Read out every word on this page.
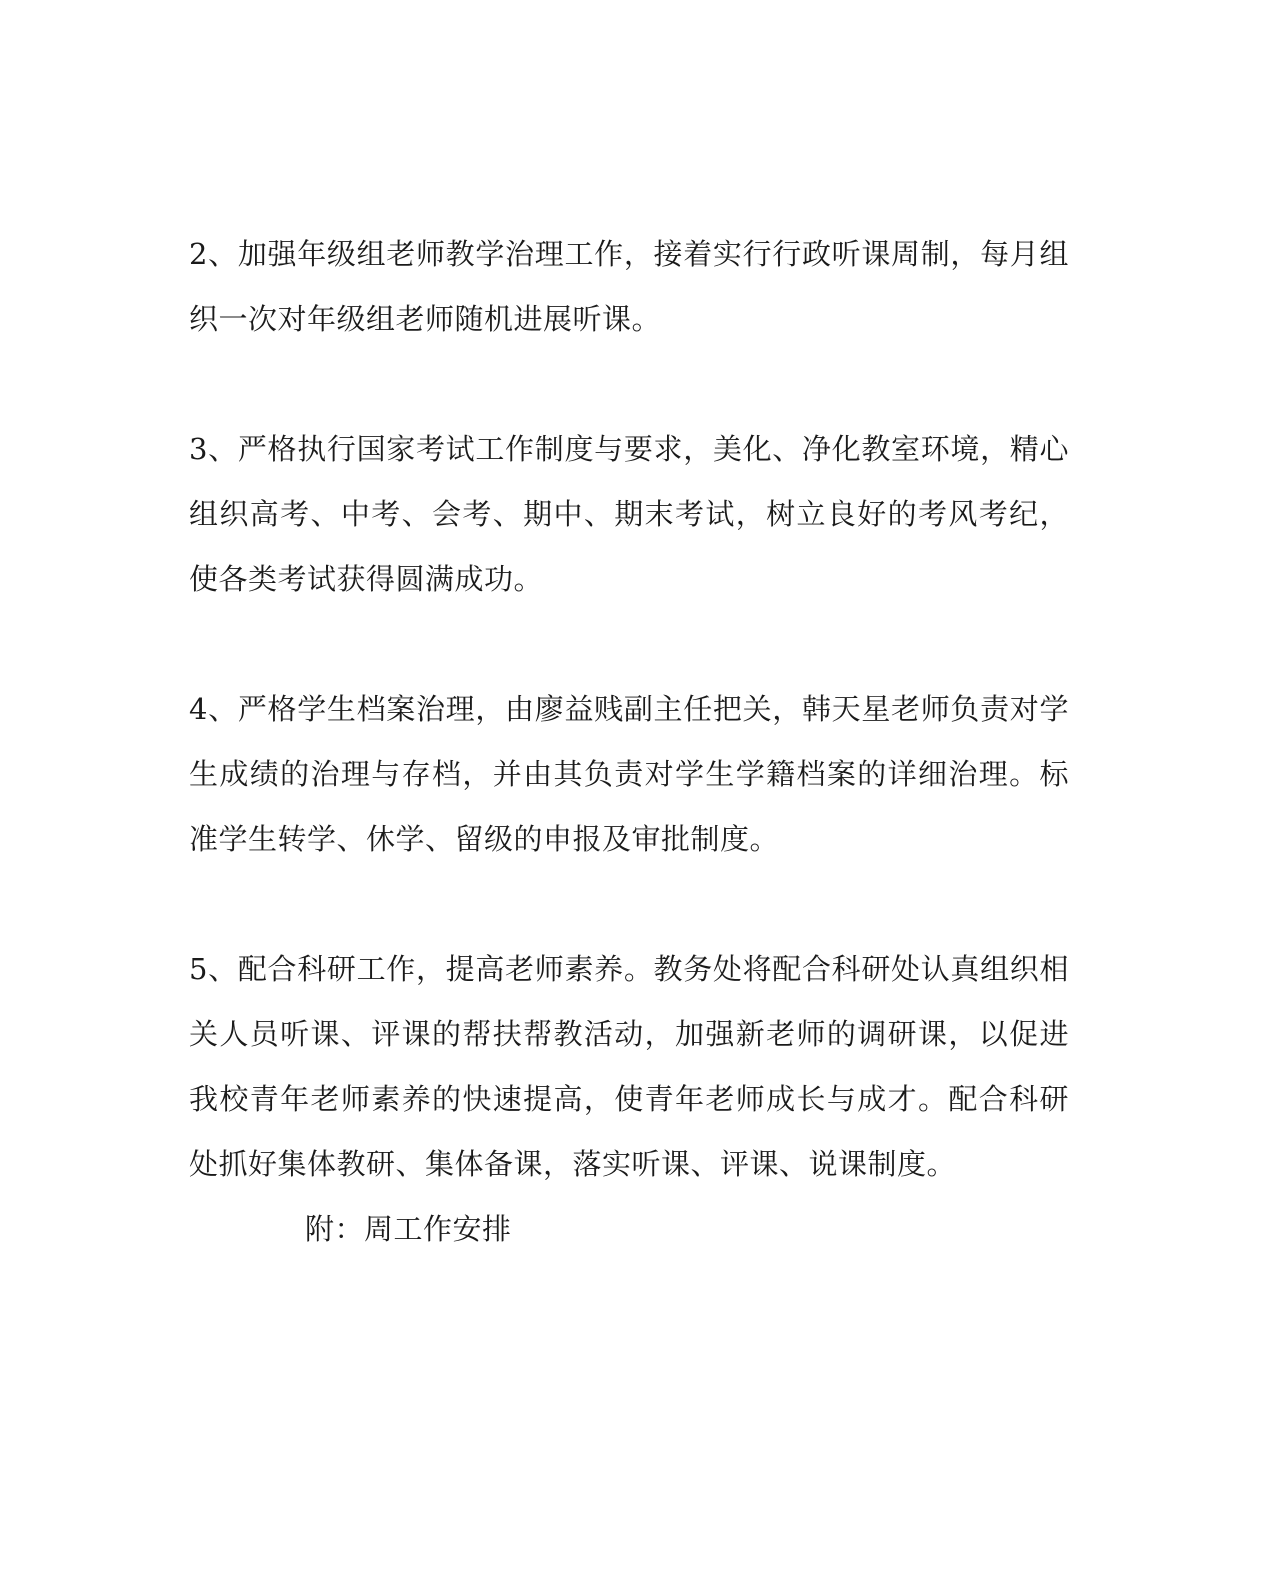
2、加强年级组老师教学治理工作，接着实行行政听课周制，每月组织一次对年级组老师随机进展听课。

3、严格执行国家考试工作制度与要求，美化、净化教室环境，精心组织高考、中考、会考、期中、期末考试，树立良好的考风考纪，使各类考试获得圆满成功。

4、严格学生档案治理，由廖益贱副主任把关，韩天星老师负责对学生成绩的治理与存档，并由其负责对学生学籍档案的详细治理。标准学生转学、休学、留级的申报及审批制度。

5、配合科研工作，提高老师素养。教务处将配合科研处认真组织相关人员听课、评课的帮扶帮教活动，加强新老师的调研课，以促进我校青年老师素养的快速提高，使青年老师成长与成才。配合科研处抓好集体教研、集体备课，落实听课、评课、说课制度。

附：周工作安排
